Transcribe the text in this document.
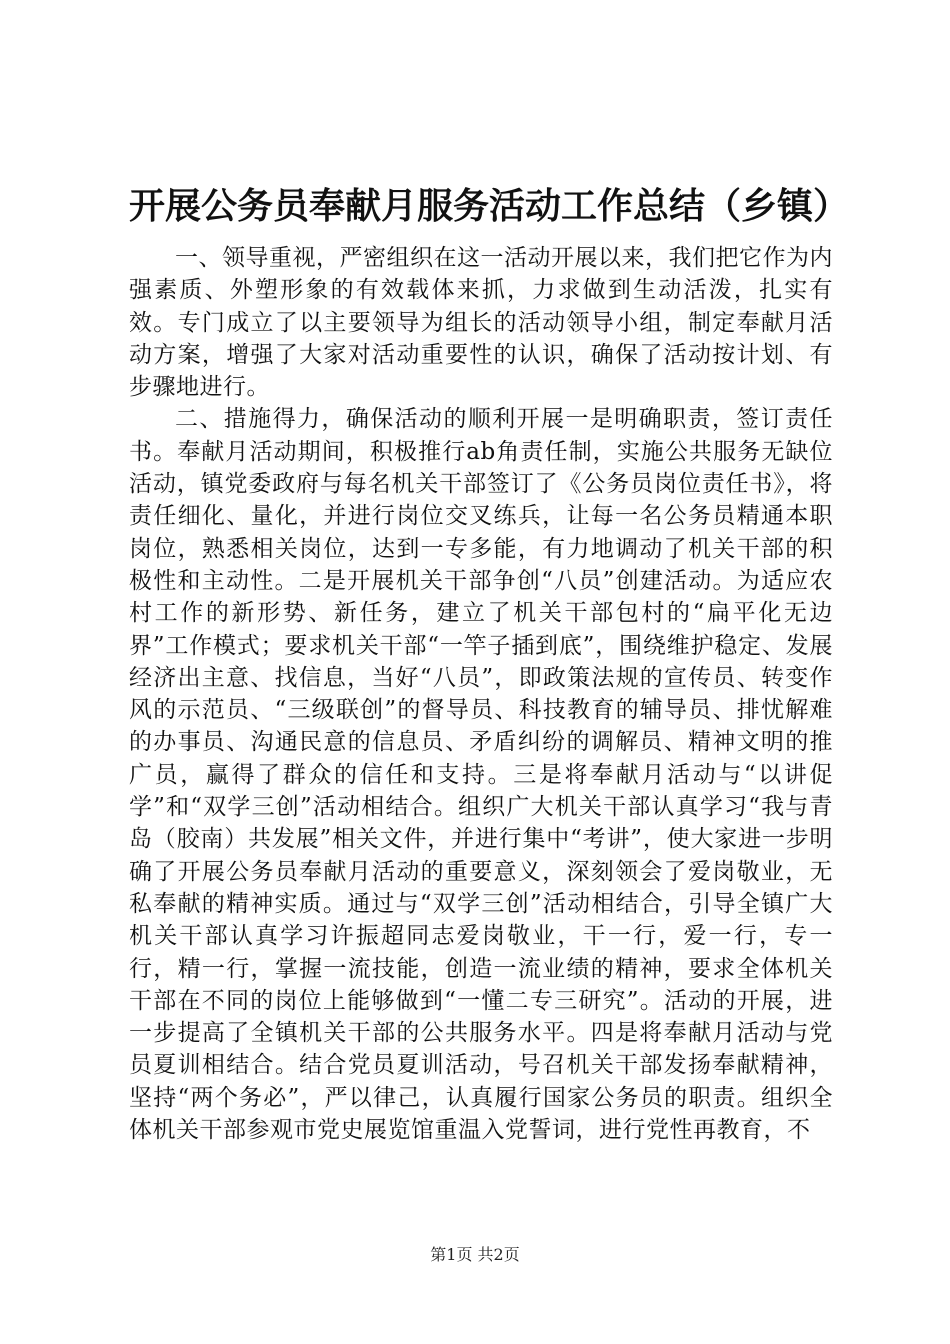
开展公务员奉献月服务活动工作总结（乡镇）

一、领导重视，严密组织在这一活动开展以来，我们把它作为内强素质、外塑形象的有效载体来抓，力求做到生动活泼，扎实有效。专门成立了以主要领导为组长的活动领导小组，制定奉献月活动方案，增强了大家对活动重要性的认识，确保了活动按计划、有步骤地进行。

二、措施得力，确保活动的顺利开展一是明确职责，签订责任书。奉献月活动期间，积极推行ab角责任制，实施公共服务无缺位活动，镇党委政府与每名机关干部签订了《公务员岗位责任书》，将责任细化、量化，并进行岗位交叉练兵，让每一名公务员精通本职岗位，熟悉相关岗位，达到一专多能，有力地调动了机关干部的积极性和主动性。二是开展机关干部争创“八员”创建活动。为适应农村工作的新形势、新任务，建立了机关干部包村的“扁平化无边界”工作模式；要求机关干部“一竿子插到底”，围绕维护稳定、发展经济出主意、找信息，当好“八员”，即政策法规的宣传员、转变作风的示范员、“三级联创”的督导员、科技教育的辅导员、排忧解难的办事员、沟通民意的信息员、矛盾纠纷的调解员、精神文明的推广员，赢得了群众的信任和支持。三是将奉献月活动与“以讲促学”和“双学三创”活动相结合。组织广大机关干部认真学习“我与青岛（胶南）共发展”相关文件，并进行集中“考讲”，使大家进一步明确了开展公务员奉献月活动的重要意义，深刻领会了爱岗敬业，无私奉献的精神实质。通过与“双学三创”活动相结合，引导全镇广大机关干部认真学习许振超同志爱岗敬业，干一行，爱一行，专一行，精一行，掌握一流技能，创造一流业绩的精神，要求全体机关干部在不同的岗位上能够做到“一懂二专三研究”。活动的开展，进一步提高了全镇机关干部的公共服务水平。四是将奉献月活动与党员夏训相结合。结合党员夏训活动，号召机关干部发扬奉献精神，坚持“两个务必”，严以律己，认真履行国家公务员的职责。组织全体机关干部参观市党史展览馆重温入党誓词，进行党性再教育，不

第1页 共2页
